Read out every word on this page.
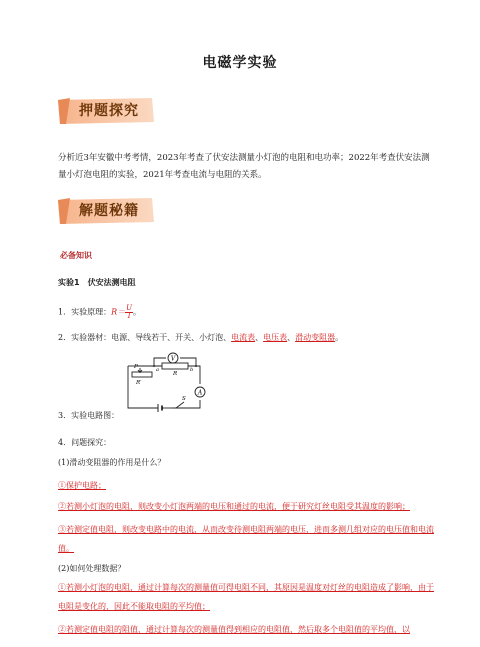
电磁学实验
押题探究
分析近3年安徽中考考情，2023年考查了伏安法测量小灯泡的电阻和电功率；2022年考查伏安法测量小灯泡电阻的实验，2021年考查电流与电阻的关系。
解题秘籍
必备知识
实验1　伏安法测电阻
1．实验原理：$R= \frac{U}{I}$ 。
2．实验器材：电源、导线若干、开关、小灯泡、电流表、电压表、滑动变阻器。
V
A
P	a
R
b
R′
S
3．实验电路图：
4．问题探究：
(1)滑动变阻器的作用是什么？
①保护电路；
②若测小灯泡的电阻，则改变小灯泡两端的电压和通过的电流，便于研究灯丝电阻受其温度的影响；
③若测定值电阻，则改变电路中的电流，从而改变待测电阻两端的电压，进而多测几组对应的电压值和电流值。
(2)如何处理数据？
①若测小灯泡的电阻，通过计算每次的测量值可得电阻不同，其原因是温度对灯丝的电阻造成了影响，由于电阻是变化的，因此不能取电阻的平均值；
②若测定值电阻的阻值，通过计算每次的测量值得到相应的电阻值，然后取多个电阻值的平均值，以
